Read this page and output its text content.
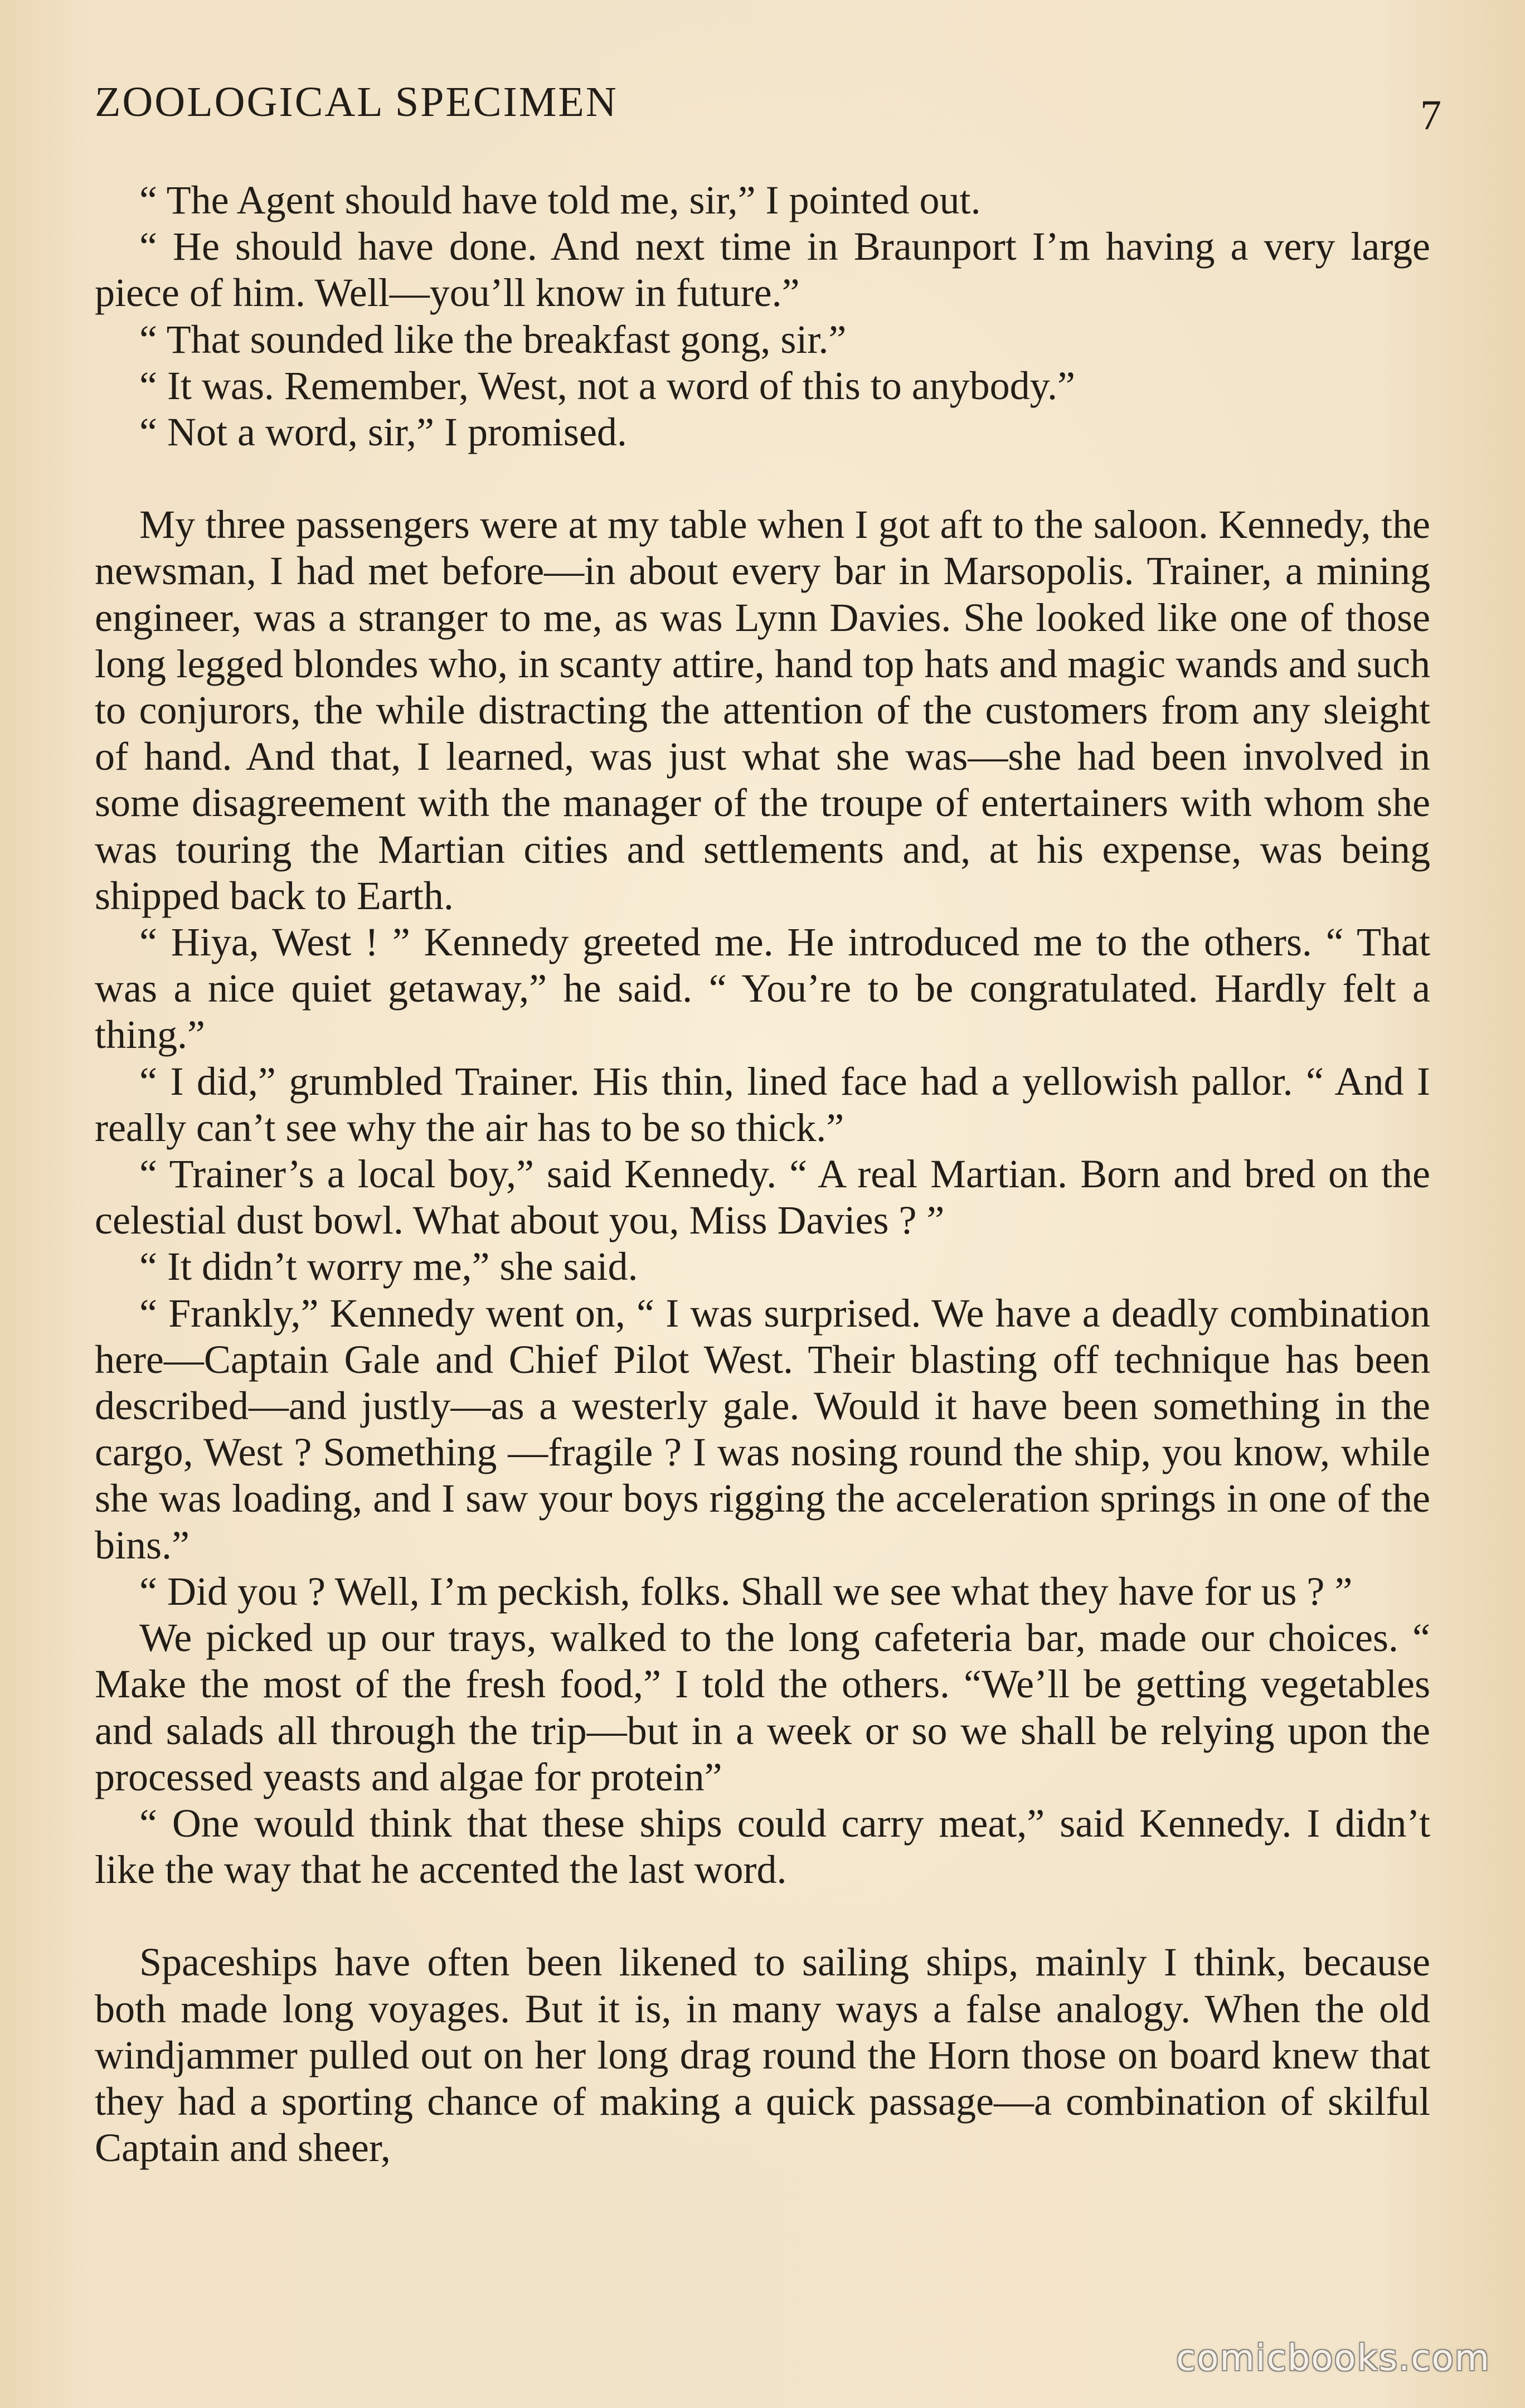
ZOOLOGICAL SPECIMEN	7

“ The Agent should have told me, sir,” I pointed out.

“ He should have done. And next time in Braunport I’m having a very large piece of him. Well—you’ll know in future.”

“ That sounded like the breakfast gong, sir.”

“ It was. Remember, West, not a word of this to anybody.”

“ Not a word, sir,” I promised.

My three passengers were at my table when I got aft to the saloon. Kennedy, the newsman, I had met before—in about every bar in Marsopolis. Trainer, a mining engineer, was a stranger to me, as was Lynn Davies. She looked like one of those long legged blondes who, in scanty attire, hand top hats and magic wands and such to conjurors, the while distracting the attention of the customers from any sleight of hand. And that, I learned, was just what she was—she had been involved in some disagreement with the manager of the troupe of entertainers with whom she was touring the Martian cities and settlements and, at his expense, was being shipped back to Earth.

“ Hiya, West ! ” Kennedy greeted me. He introduced me to the others. “ That was a nice quiet getaway,” he said. “ You’re to be congratulated. Hardly felt a thing.”

“ I did,” grumbled Trainer. His thin, lined face had a yellowish pallor. “ And I really can’t see why the air has to be so thick.”

“ Trainer’s a local boy,” said Kennedy. “ A real Martian. Born and bred on the celestial dust bowl. What about you, Miss Davies ? ”

“ It didn’t worry me,” she said.

“ Frankly,” Kennedy went on, “ I was surprised. We have a deadly combination here—Captain Gale and Chief Pilot West. Their blasting off technique has been described—and justly—as a westerly gale. Would it have been something in the cargo, West ? Something —fragile ? I was nosing round the ship, you know, while she was loading, and I saw your boys rigging the acceleration springs in one of the bins.”

“ Did you ? Well, I’m peckish, folks. Shall we see what they have for us ? ”

We picked up our trays, walked to the long cafeteria bar, made our choices. “ Make the most of the fresh food,” I told the others. “We’ll be getting vegetables and salads all through the trip—but in a week or so we shall be relying upon the processed yeasts and algae for protein”

“ One would think that these ships could carry meat,” said Kennedy. I didn’t like the way that he accented the last word.

Spaceships have often been likened to sailing ships, mainly I think, because both made long voyages. But it is, in many ways a false analogy. When the old windjammer pulled out on her long drag round the Horn those on board knew that they had a sporting chance of making a quick passage—a combination of skilful Captain and sheer,

comicbooks.com
